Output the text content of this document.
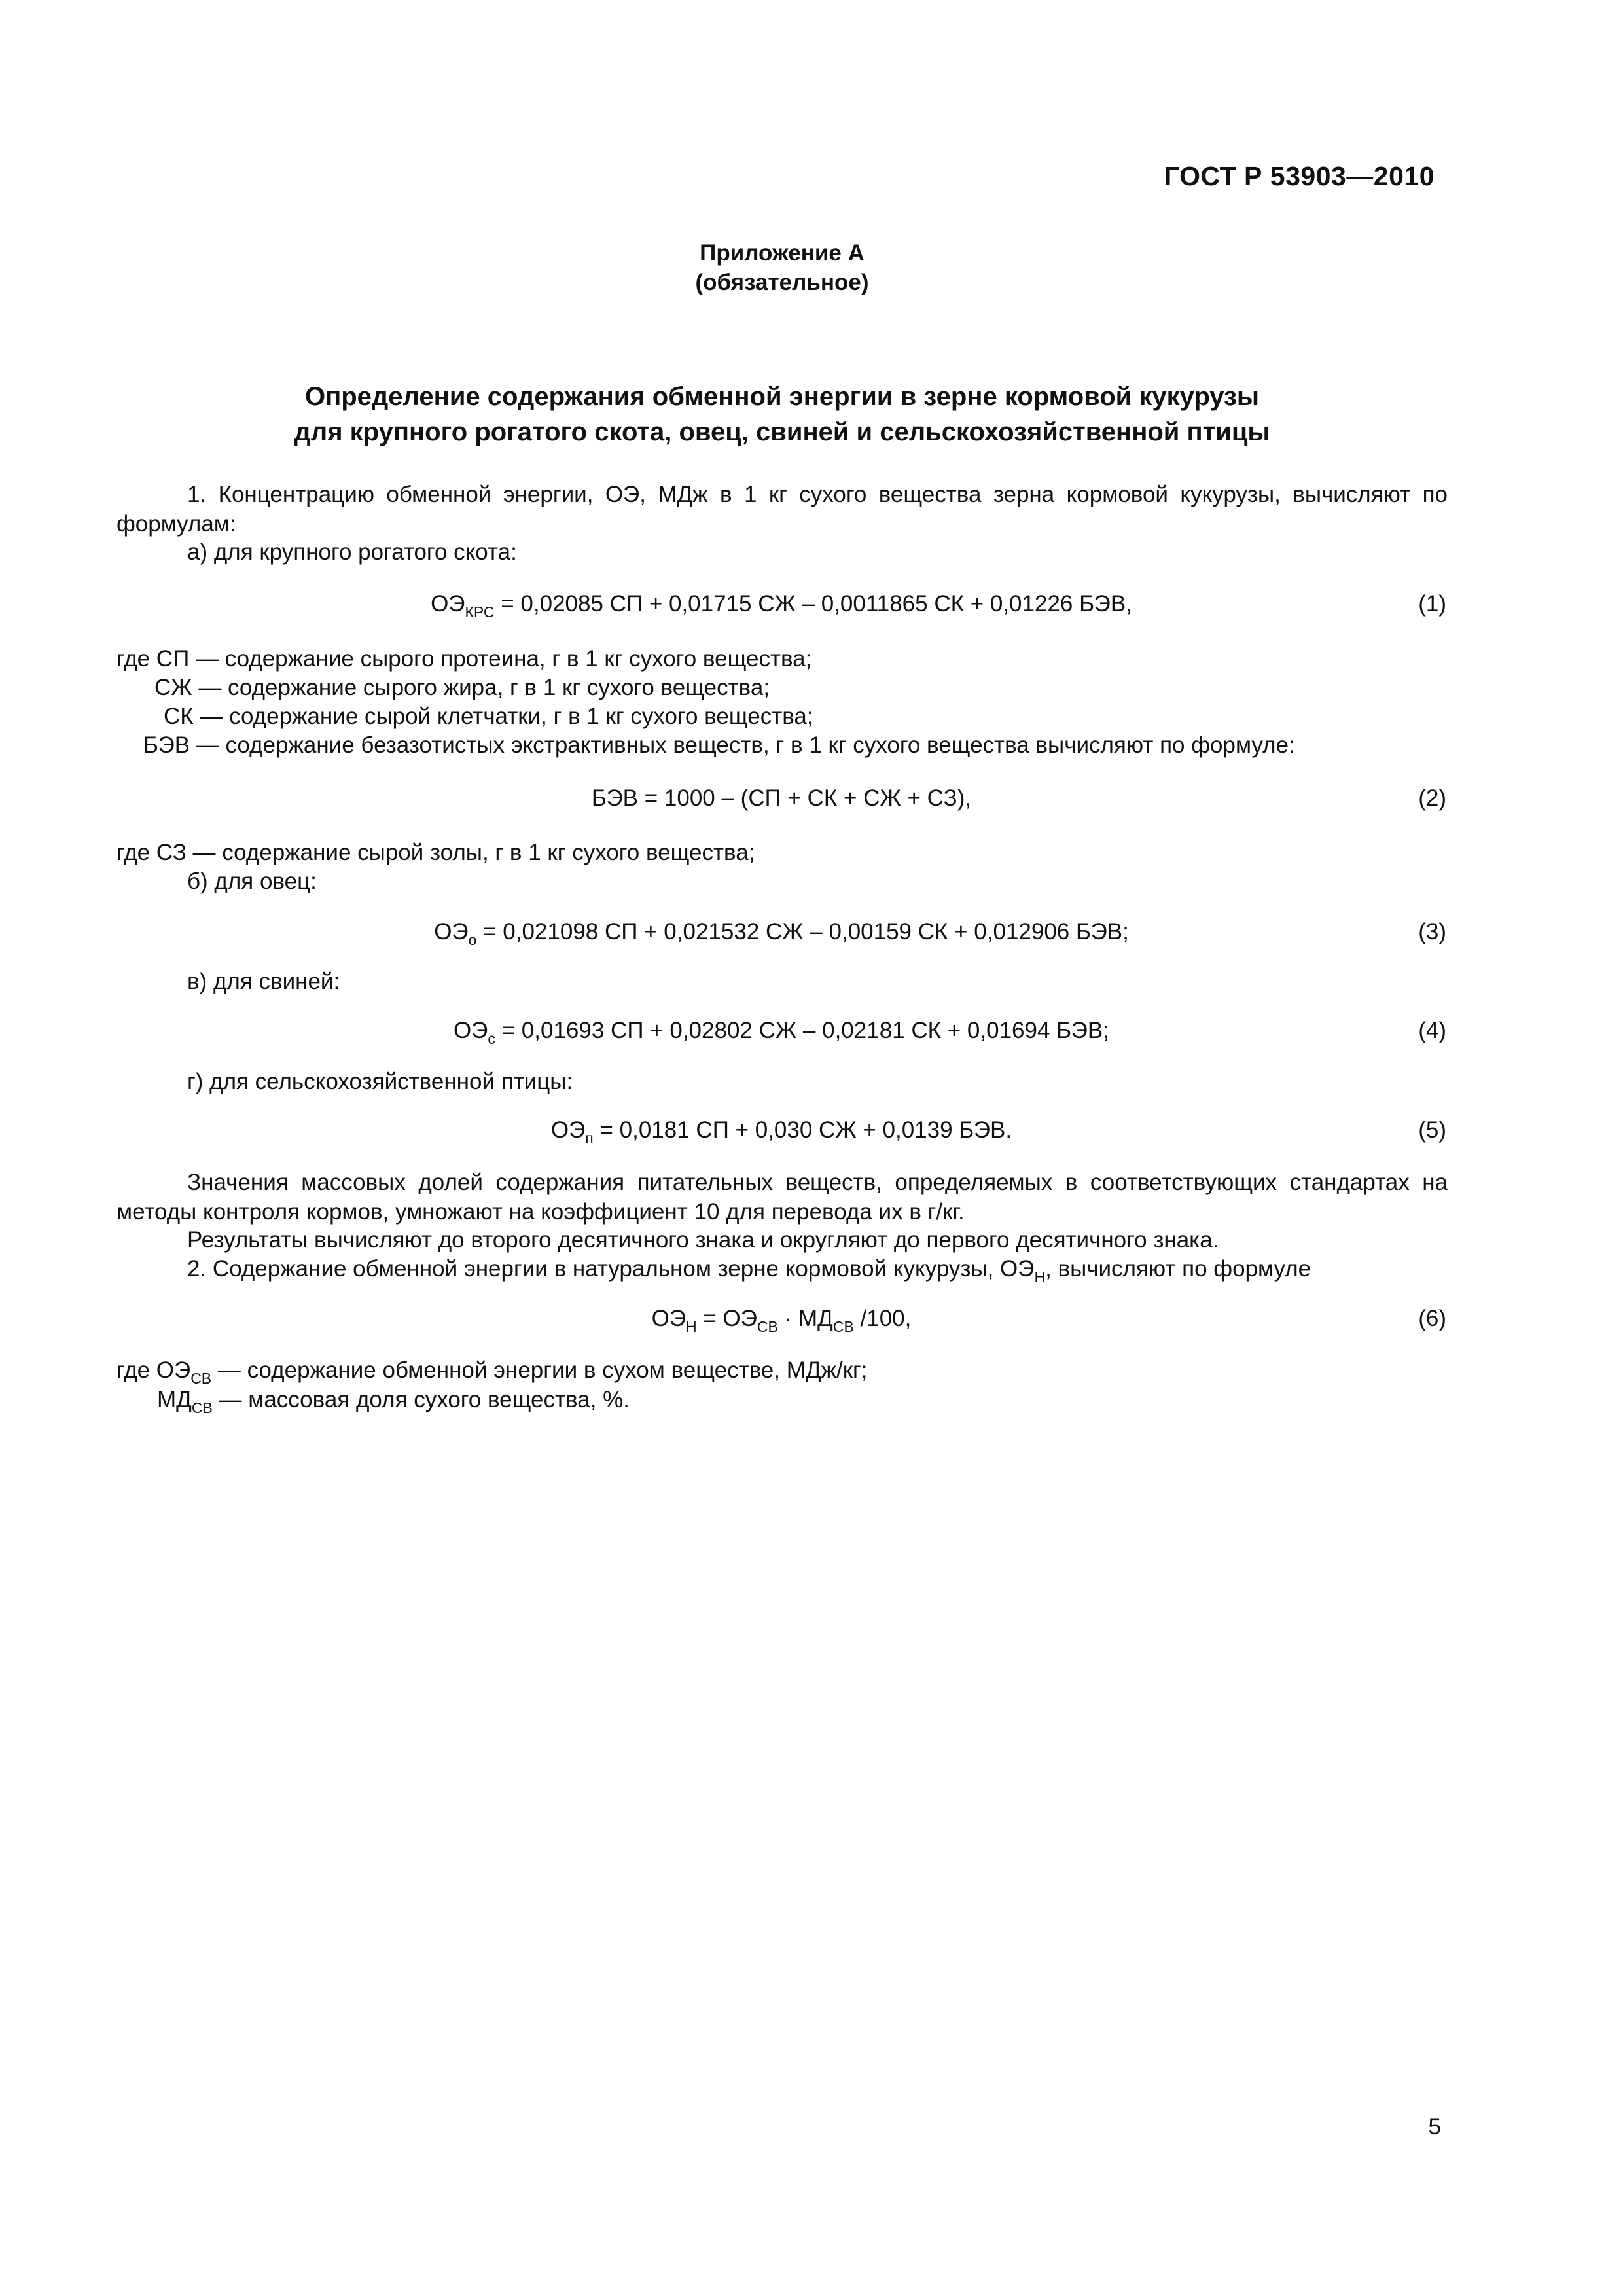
ГОСТ Р 53903—2010
Приложение А
(обязательное)
Определение содержания обменной энергии в зерне кормовой кукурузы
для крупного рогатого скота, овец, свиней и сельскохозяйственной птицы
1. Концентрацию обменной энергии, ОЭ, МДж в 1 кг сухого вещества зерна кормовой кукурузы, вычисляют по формулам:
а) для крупного рогатого скота:
$ОЭ_{КРС} = 0,02085$ СП + 0,01715 СЖ – 0,0011865 СК + 0,01226 БЭВ,	(1)
где СП — содержание сырого протеина, г в 1 кг сухого вещества;
СЖ — содержание сырого жира, г в 1 кг сухого вещества;
СК — содержание сырой клетчатки, г в 1 кг сухого вещества;
БЭВ — содержание безазотистых экстрактивных веществ, г в 1 кг сухого вещества вычисляют по формуле:
БЭВ = 1000 – (СП + СК + СЖ + СЗ),	(2)
где СЗ — содержание сырой золы, г в 1 кг сухого вещества;
б) для овец:
$ОЭ_о = 0,021098$ СП + 0,021532 СЖ – 0,00159 СК + 0,012906 БЭВ;	(3)
в) для свиней:
$ОЭ_с = 0,01693$ СП + 0,02802 СЖ – 0,02181 СК + 0,01694 БЭВ;	(4)
г) для сельскохозяйственной птицы:
$ОЭ_п = 0,0181$ СП + 0,030 СЖ + 0,0139 БЭВ.	(5)
Значения массовых долей содержания питательных веществ, определяемых в соответствующих стандартах на методы контроля кормов, умножают на коэффициент 10 для перевода их в г/кг.
Результаты вычисляют до второго десятичного знака и округляют до первого десятичного знака.
2. Содержание обменной энергии в натуральном зерне кормовой кукурузы, $ОЭ_Н$, вычисляют по формуле
$ОЭ_Н = ОЭ_{СВ} \cdot МД_{СВ}$ /100,	(6)
где $ОЭ_{СВ}$ — содержание обменной энергии в сухом веществе, МДж/кг;
$МД_{СВ}$ — массовая доля сухого вещества, %.
5
